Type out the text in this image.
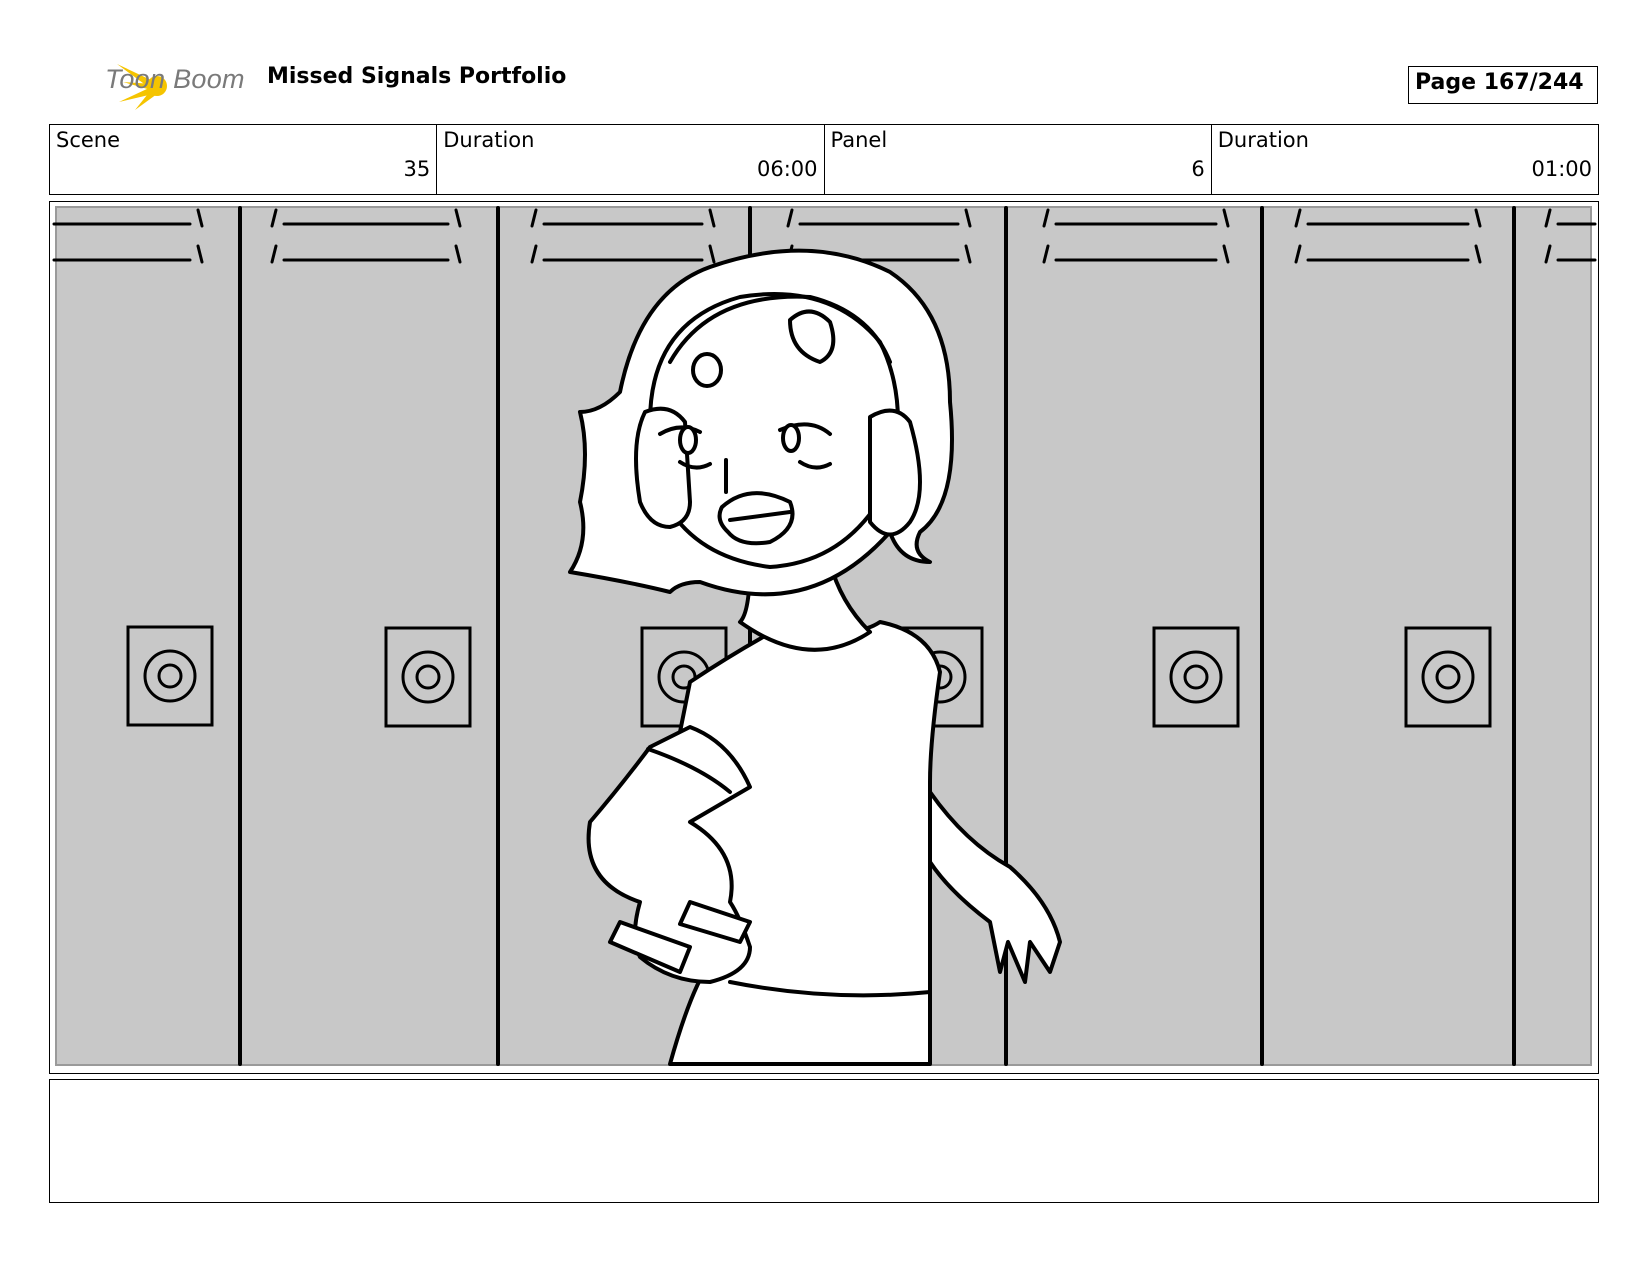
Toon Boom Missed Signals Portfolio	Page 167/244
Scene
35
Duration
06:00
Panel
6
Duration
01:00
